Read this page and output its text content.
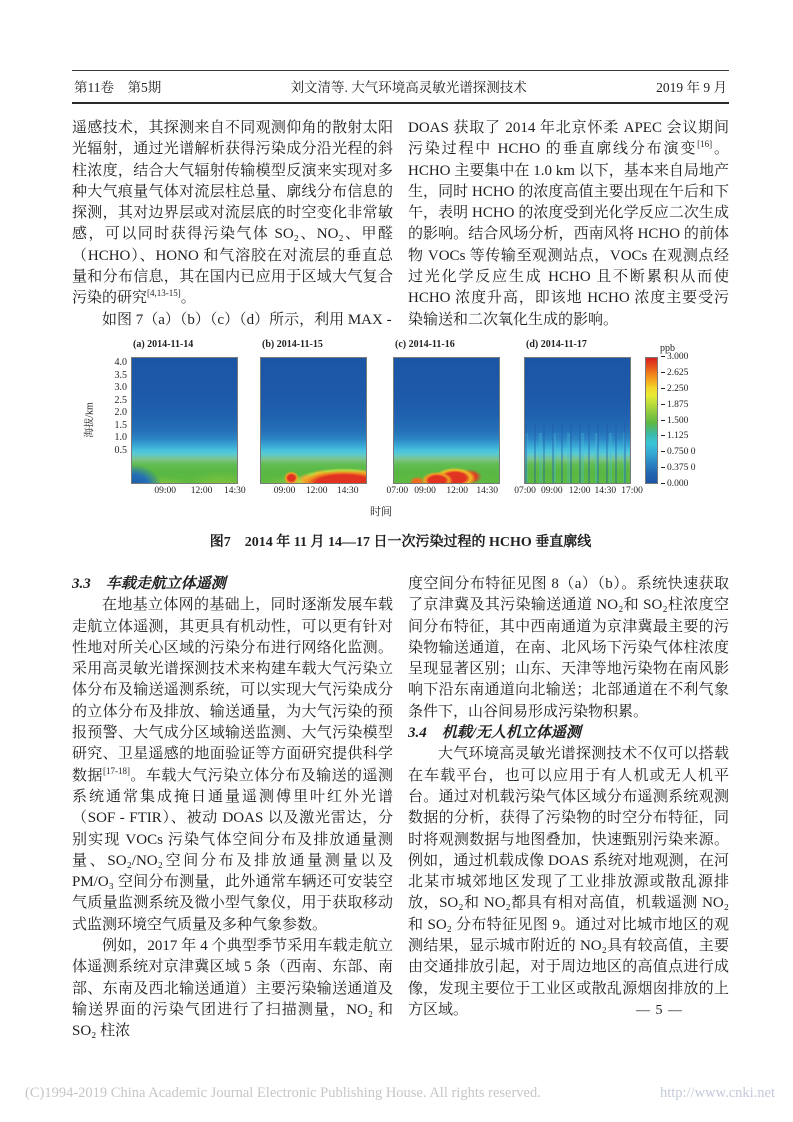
第11卷　第5期	刘文清等. 大气环境高灵敏光谱探测技术	2019 年 9 月

遥感技术，其探测来自不同观测仰角的散射太阳光辐射，通过光谱解析获得污染成分沿光程的斜柱浓度，结合大气辐射传输模型反演来实现对多种大气痕量气体对流层柱总量、廓线分布信息的探测，其对边界层或对流层底的时空变化非常敏感，可以同时获得污染气体 SO₂、NO₂、甲醛（HCHO）、HONO 和气溶胶在对流层的垂直总量和分布信息，其在国内已应用于区域大气复合污染的研究[4,13-15]。

如图 7（a）（b）（c）（d）所示，利用 MAX -

DOAS 获取了 2014 年北京怀柔 APEC 会议期间污染过程中 HCHO 的垂直廓线分布演变[16]。HCHO 主要集中在 1.0 km 以下，基本来自局地产生，同时 HCHO 的浓度高值主要出现在午后和下午，表明 HCHO 的浓度受到光化学反应二次生成的影响。结合风场分析，西南风将 HCHO 的前体物 VOCs 等传输至观测站点，VOCs 在观测点经过光化学反应生成 HCHO 且不断累积从而使 HCHO 浓度升高，即该地 HCHO 浓度主要受污染输送和二次氧化生成的影响。

海拔/km
4.0
3.5
3.0
2.5
2.0
1.5
1.0
0.5
(a) 2014-11-14
09:00 12:00 14:30
(b) 2014-11-15
09:00 12:00 14:30
(c) 2014-11-16
07:00 09:00 12:00 14:30
(d) 2014-11-17
07:00 09:00 12:00 14:30 17:00
ppb
3.000
2.625
2.250
1.875
1.500
1.125
0.750 0
0.375 0
0.000
时间
图7　2014 年 11 月 14—17 日一次污染过程的 HCHO 垂直廓线

3.3　车载走航立体遥测

在地基立体网的基础上，同时逐渐发展车载走航立体遥测，其更具有机动性，可以更有针对性地对所关心区域的污染分布进行网络化监测。采用高灵敏光谱探测技术来构建车载大气污染立体分布及输送遥测系统，可以实现大气污染成分的立体分布及排放、输送通量，为大气污染的预报预警、大气成分区域输送监测、大气污染模型研究、卫星遥感的地面验证等方面研究提供科学数据[17-18]。车载大气污染立体分布及输送的遥测系统通常集成掩日通量遥测傅里叶红外光谱（SOF - FTIR）、被动 DOAS 以及激光雷达，分别实现 VOCs 污染气体空间分布及排放通量测量、SO₂/NO₂空间分布及排放通量测量以及 PM/O₃ 空间分布测量，此外通常车辆还可安装空气质量监测系统及微小型气象仪，用于获取移动式监测环境空气质量及多种气象参数。

例如，2017 年 4 个典型季节采用车载走航立体遥测系统对京津冀区域 5 条（西南、东部、南部、东南及西北输送通道）主要污染输送通道及输送界面的污染气团进行了扫描测量，NO₂ 和 SO₂ 柱浓

度空间分布特征见图 8（a）（b）。系统快速获取了京津冀及其污染输送通道 NO₂和 SO₂柱浓度空间分布特征，其中西南通道为京津冀最主要的污染物输送通道，在南、北风场下污染气体柱浓度呈现显著区别；山东、天津等地污染物在南风影响下沿东南通道向北输送；北部通道在不利气象条件下，山谷间易形成污染物积累。

3.4　机载/无人机立体遥测

大气环境高灵敏光谱探测技术不仅可以搭载在车载平台，也可以应用于有人机或无人机平台。通过对机载污染气体区域分布遥测系统观测数据的分析，获得了污染物的时空分布特征，同时将观测数据与地图叠加，快速甄别污染来源。例如，通过机载成像 DOAS 系统对地观测，在河北某市城郊地区发现了工业排放源或散乱源排放，SO₂和 NO₂都具有相对高值，机载遥测 NO₂ 和 SO₂ 分布特征见图 9。通过对比城市地区的观测结果，显示城市附近的 NO₂具有较高值，主要由交通排放引起，对于周边地区的高值点进行成像，发现主要位于工业区或散乱源烟囱排放的上方区域。	— 5 —
(C)1994-2019 China Academic Journal Electronic Publishing House. All rights reserved.	http://www.cnki.net
